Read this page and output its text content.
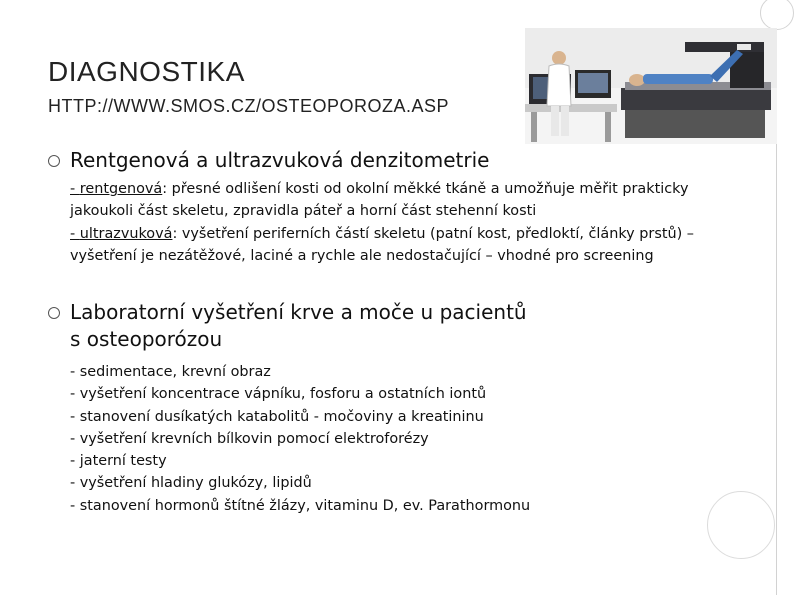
DIAGNOSTIKA
HTTP://WWW.SMOS.CZ/OSTEOPOROZA.ASP
Rentgenová a ultrazvuková denzitometrie

- rentgenová: přesné odlišení kosti od okolní měkké tkáně a umožňuje měřit prakticky jakoukoli část skeletu, zpravidla páteř a horní část stehenní kosti

- ultrazvuková: vyšetření periferních částí skeletu (patní kost, předloktí, články prstů) – vyšetření je nezátěžové, laciné a rychle ale nedostačující – vhodné pro screening

Laboratorní vyšetření krve a moče u pacientů
s osteoporózou

- sedimentace, krevní obraz

- vyšetření koncentrace vápníku, fosforu a ostatních iontů

- stanovení dusíkatých katabolitů - močoviny a kreatininu

- vyšetření krevních bílkovin pomocí elektroforézy

- jaterní testy

- vyšetření hladiny glukózy, lipidů

- stanovení hormonů štítné žlázy, vitaminu D, ev. Parathormonu
